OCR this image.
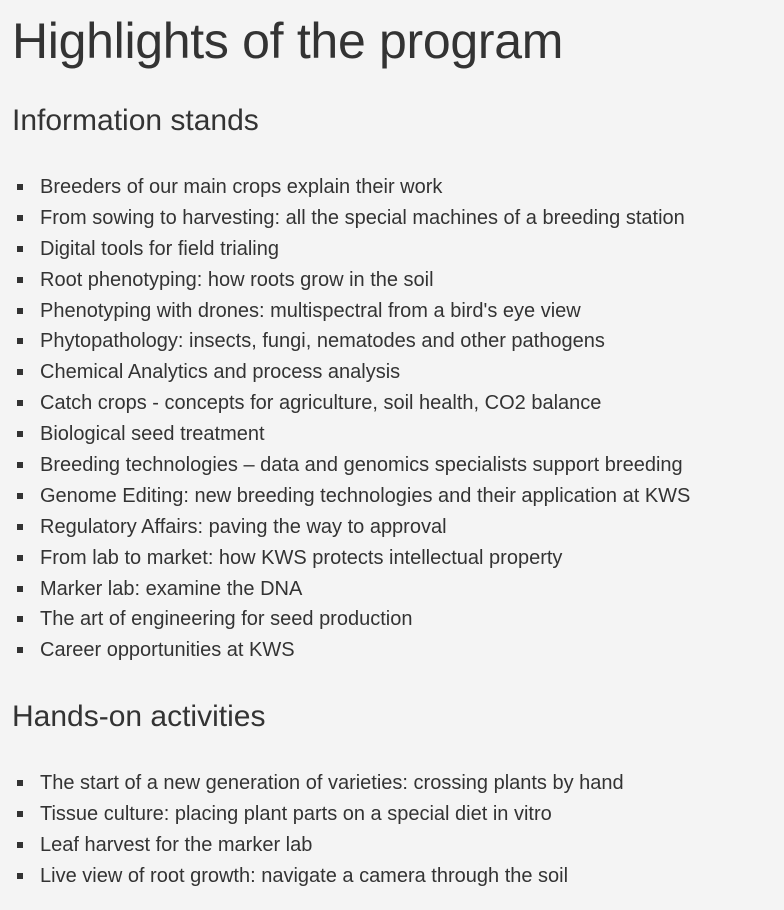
Highlights of the program
Information stands
Breeders of our main crops explain their work
From sowing to harvesting: all the special machines of a breeding station
Digital tools for field trialing
Root phenotyping: how roots grow in the soil
Phenotyping with drones: multispectral from a bird's eye view
Phytopathology: insects, fungi, nematodes and other pathogens
Chemical Analytics and process analysis
Catch crops - concepts for agriculture, soil health, CO2 balance
Biological seed treatment
Breeding technologies – data and genomics specialists support breeding
Genome Editing: new breeding technologies and their application at KWS
Regulatory Affairs: paving the way to approval
From lab to market: how KWS protects intellectual property
Marker lab: examine the DNA
The art of engineering for seed production
Career opportunities at KWS
Hands-on activities
The start of a new generation of varieties: crossing plants by hand
Tissue culture: placing plant parts on a special diet in vitro
Leaf harvest for the marker lab
Live view of root growth: navigate a camera through the soil
